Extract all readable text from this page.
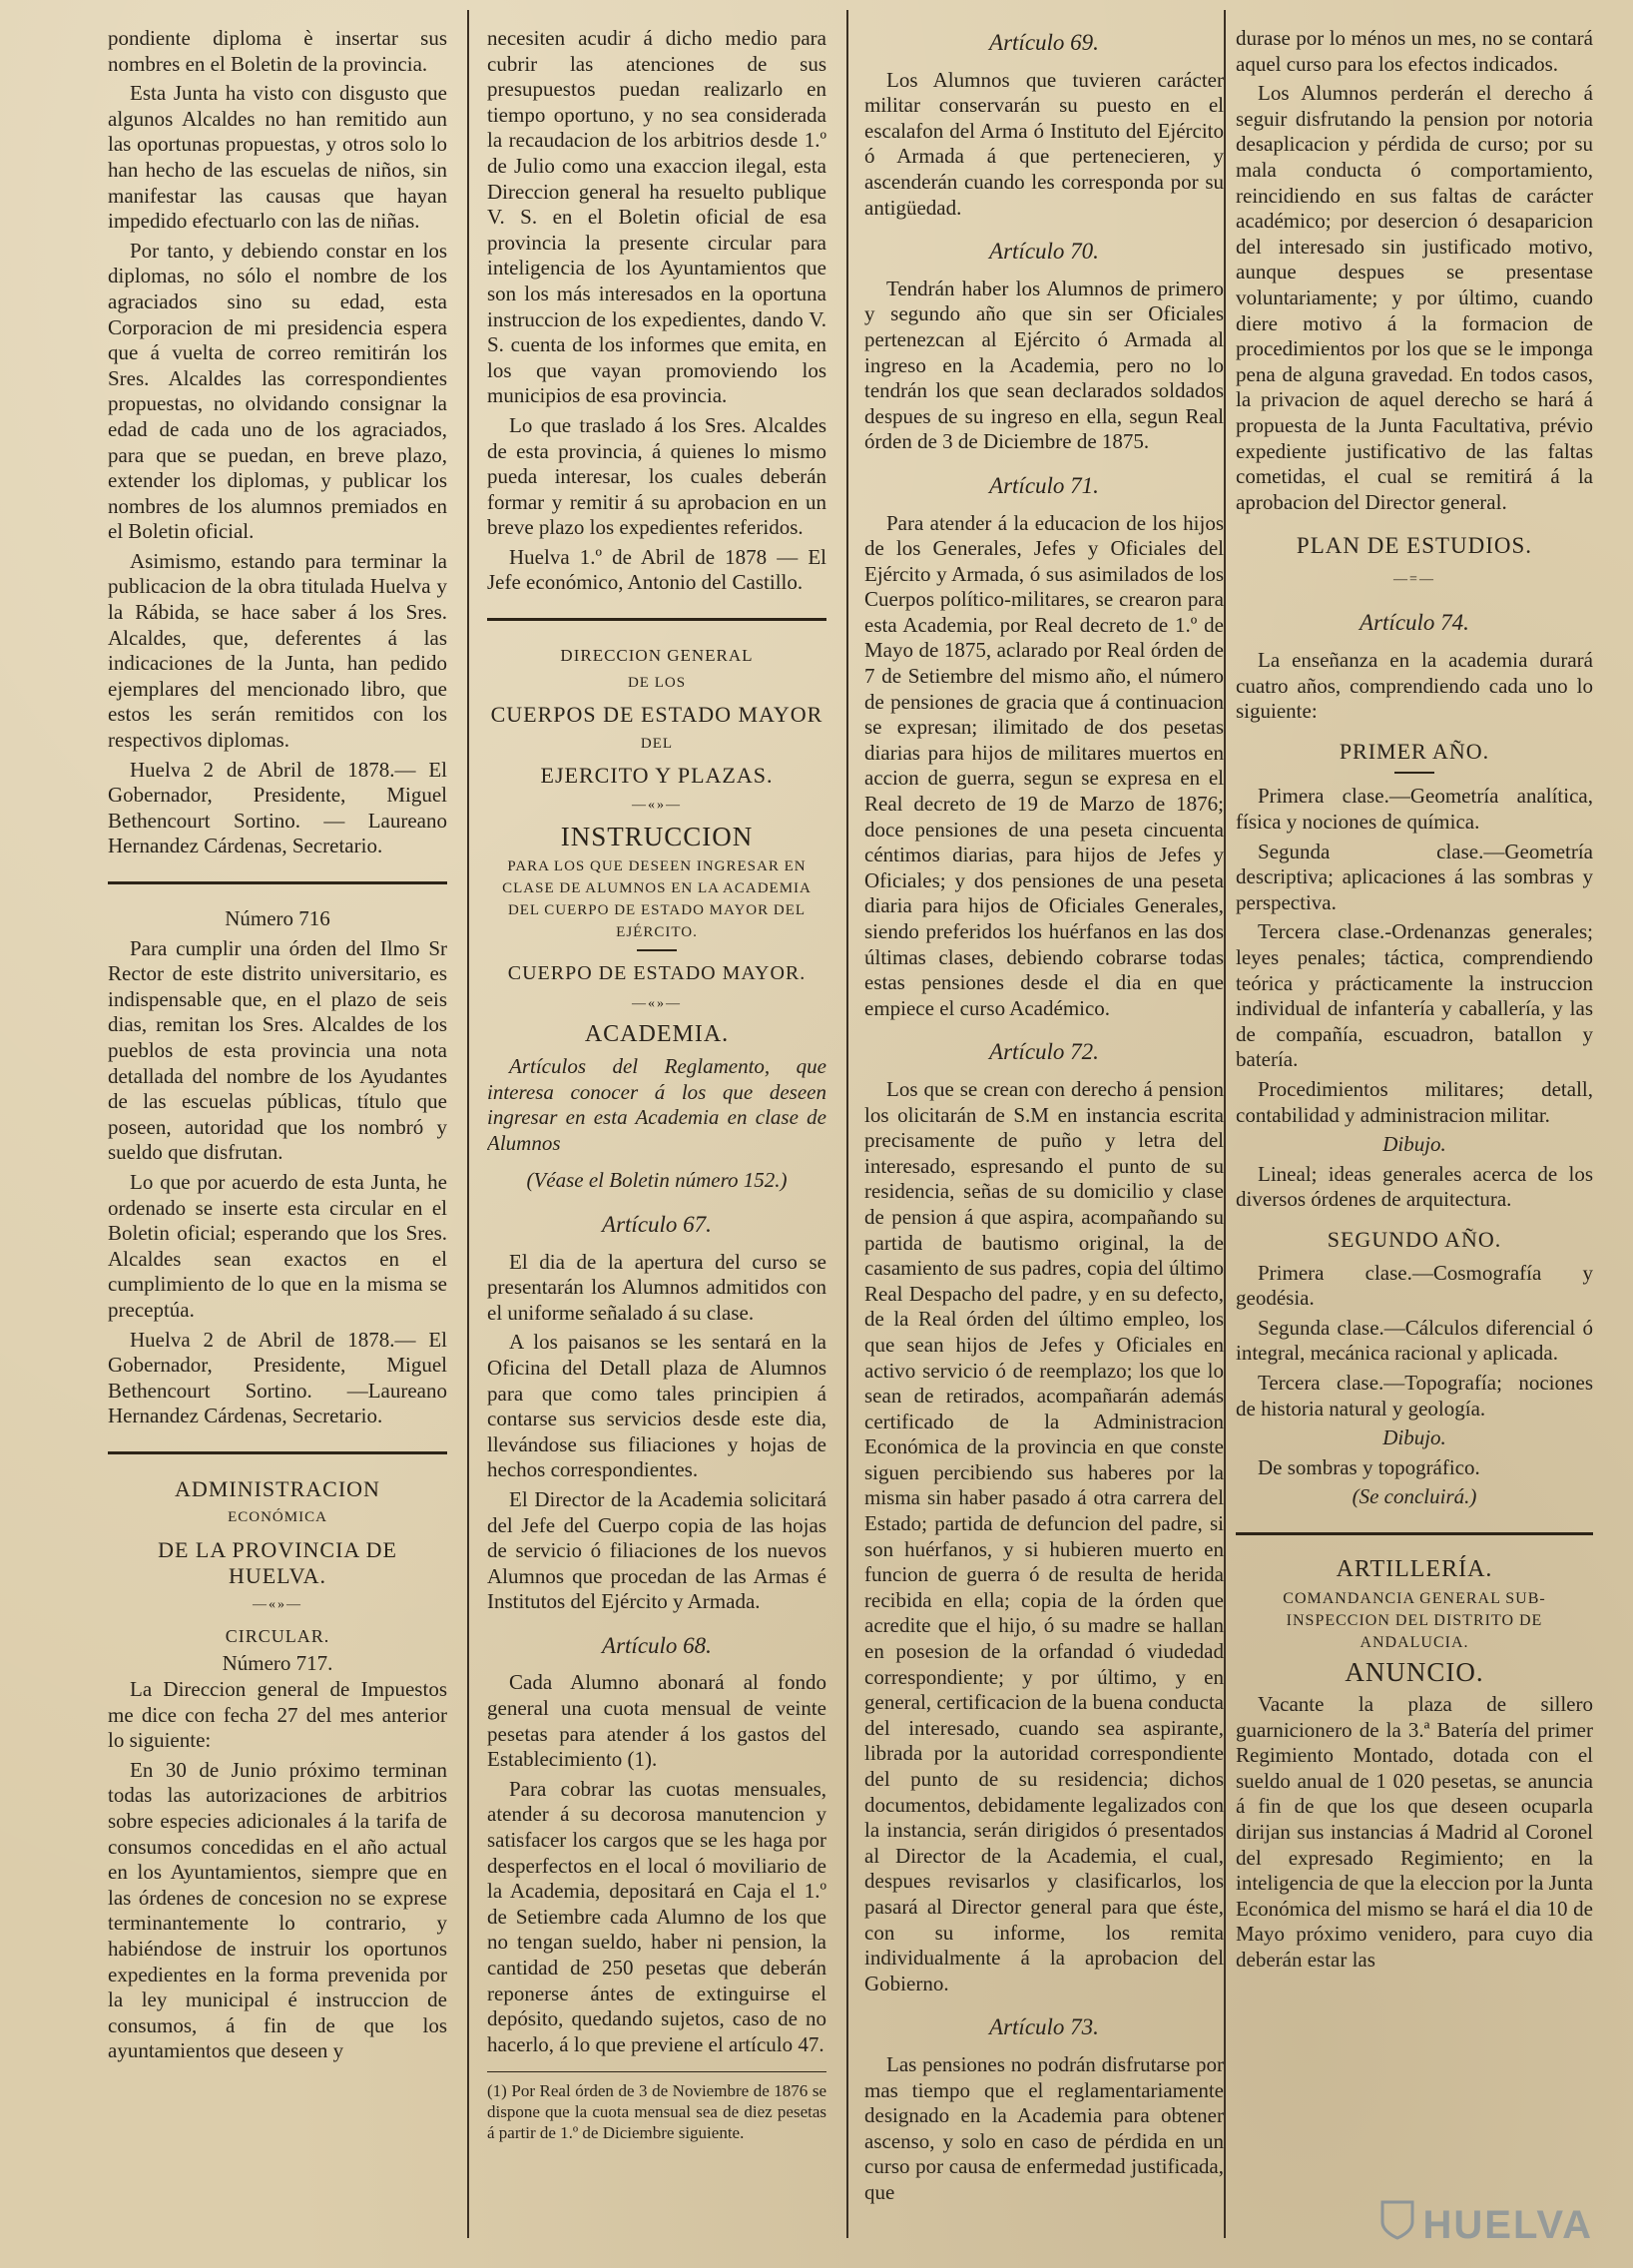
pondiente diploma è insertar sus nombres en el Boletin de la provincia.

Esta Junta ha visto con disgusto que algunos Alcaldes no han remitido aun las oportunas propuestas, y otros solo lo han hecho de las escuelas de niños, sin manifestar las causas que hayan impedido efectuarlo con las de niñas.

Por tanto, y debiendo constar en los diplomas, no sólo el nombre de los agraciados sino su edad, esta Corporacion de mi presidencia espera que á vuelta de correo remitirán los Sres. Alcaldes las correspondientes propuestas, no olvidando consignar la edad de cada uno de los agraciados, para que se puedan, en breve plazo, extender los diplomas, y publicar los nombres de los alumnos premiados en el Boletin oficial.

Asimismo, estando para terminar la publicacion de la obra titulada Huelva y la Rábida, se hace saber á los Sres. Alcaldes, que, deferentes á las indicaciones de la Junta, han pedido ejemplares del mencionado libro, que estos les serán remitidos con los respectivos diplomas.

Huelva 2 de Abril de 1878.— El Gobernador, Presidente, Miguel Bethencourt Sortino. — Laureano Hernandez Cárdenas, Secretario.

Número 716

Para cumplir una órden del Ilmo Sr Rector de este distrito universitario, es indispensable que, en el plazo de seis dias, remitan los Sres. Alcaldes de los pueblos de esta provincia una nota detallada del nombre de los Ayudantes de las escuelas públicas, título que poseen, autoridad que los nombró y sueldo que disfrutan.

Lo que por acuerdo de esta Junta, he ordenado se inserte esta circular en el Boletin oficial; esperando que los Sres. Alcaldes sean exactos en el cumplimiento de lo que en la misma se preceptúa.

Huelva 2 de Abril de 1878.— El Gobernador, Presidente, Miguel Bethencourt Sortino. —Laureano Hernandez Cárdenas, Secretario.

ADMINISTRACION
ECONÓMICA
DE LA PROVINCIA DE HUELVA.
—«»—
CIRCULAR.
Número 717.

La Direccion general de Impuestos me dice con fecha 27 del mes anterior lo siguiente:

En 30 de Junio próximo terminan todas las autorizaciones de arbitrios sobre especies adicionales á la tarifa de consumos concedidas en el año actual en los Ayuntamientos, siempre que en las órdenes de concesion no se exprese terminantemente lo contrario, y habiéndose de instruir los oportunos expedientes en la forma prevenida por la ley municipal é instruccion de consumos, á fin de que los ayuntamientos que deseen y

necesiten acudir á dicho medio para cubrir las atenciones de sus presupuestos puedan realizarlo en tiempo oportuno, y no sea considerada la recaudacion de los arbitrios desde 1.º de Julio como una exaccion ilegal, esta Direccion general ha resuelto publique V. S. en el Boletin oficial de esa provincia la presente circular para inteligencia de los Ayuntamientos que son los más interesados en la oportuna instruccion de los expedientes, dando V. S. cuenta de los informes que emita, en los que vayan promoviendo los municipios de esa provincia.

Lo que traslado á los Sres. Alcaldes de esta provincia, á quienes lo mismo pueda interesar, los cuales deberán formar y remitir á su aprobacion en un breve plazo los expedientes referidos.

Huelva 1.º de Abril de 1878 — El Jefe económico, Antonio del Castillo.

DIRECCION GENERAL
DE LOS
CUERPOS DE ESTADO MAYOR
DEL
EJERCITO Y PLAZAS.
—«»—
INSTRUCCION
PARA LOS QUE DESEEN INGRESAR EN CLASE DE ALUMNOS EN LA ACADEMIA DEL CUERPO DE ESTADO MAYOR DEL EJÉRCITO.
CUERPO DE ESTADO MAYOR.
—«»—
ACADEMIA.

Artículos del Reglamento, que interesa conocer á los que deseen ingresar en esta Academia en clase de Alumnos

(Véase el Boletin número 152.)

Artículo 67.

El dia de la apertura del curso se presentarán los Alumnos admitidos con el uniforme señalado á su clase.

A los paisanos se les sentará en la Oficina del Detall plaza de Alumnos para que como tales principien á contarse sus servicios desde este dia, llevándose sus filiaciones y hojas de hechos correspondientes.

El Director de la Academia solicitará del Jefe del Cuerpo copia de las hojas de servicio ó filiaciones de los nuevos Alumnos que procedan de las Armas é Institutos del Ejército y Armada.

Artículo 68.

Cada Alumno abonará al fondo general una cuota mensual de veinte pesetas para atender á los gastos del Establecimiento (1).

Para cobrar las cuotas mensuales, atender á su decorosa manutencion y satisfacer los cargos que se les haga por desperfectos en el local ó moviliario de la Academia, depositará en Caja el 1.º de Setiembre cada Alumno de los que no tengan sueldo, haber ni pension, la cantidad de 250 pesetas que deberán reponerse ántes de extinguirse el depósito, quedando sujetos, caso de no hacerlo, á lo que previene el artículo 47.

(1) Por Real órden de 3 de Noviembre de 1876 se dispone que la cuota mensual sea de diez pesetas á partir de 1.º de Diciembre siguiente.

Artículo 69.

Los Alumnos que tuvieren carácter militar conservarán su puesto en el escalafon del Arma ó Instituto del Ejército ó Armada á que pertenecieren, y ascenderán cuando les corresponda por su antigüedad.

Artículo 70.

Tendrán haber los Alumnos de primero y segundo año que sin ser Oficiales pertenezcan al Ejército ó Armada al ingreso en la Academia, pero no lo tendrán los que sean declarados soldados despues de su ingreso en ella, segun Real órden de 3 de Diciembre de 1875.

Artículo 71.

Para atender á la educacion de los hijos de los Generales, Jefes y Oficiales del Ejército y Armada, ó sus asimilados de los Cuerpos político-militares, se crearon para esta Academia, por Real decreto de 1.º de Mayo de 1875, aclarado por Real órden de 7 de Setiembre del mismo año, el número de pensiones de gracia que á continuacion se expresan; ilimitado de dos pesetas diarias para hijos de militares muertos en accion de guerra, segun se expresa en el Real decreto de 19 de Marzo de 1876; doce pensiones de una peseta cincuenta céntimos diarias, para hijos de Jefes y Oficiales; y dos pensiones de una peseta diaria para hijos de Oficiales Generales, siendo preferidos los huérfanos en las dos últimas clases, debiendo cobrarse todas estas pensiones desde el dia en que empiece el curso Académico.

Artículo 72.

Los que se crean con derecho á pension los olicitarán de S.M en instancia escrita precisamente de puño y letra del interesado, espresando el punto de su residencia, señas de su domicilio y clase de pension á que aspira, acompañando su partida de bautismo original, la de casamiento de sus padres, copia del último Real Despacho del padre, y en su defecto, de la Real órden del último empleo, los que sean hijos de Jefes y Oficiales en activo servicio ó de reemplazo; los que lo sean de retirados, acompañarán además certificado de la Administracion Económica de la provincia en que conste siguen percibiendo sus haberes por la misma sin haber pasado á otra carrera del Estado; partida de defuncion del padre, si son huérfanos, y si hubieren muerto en funcion de guerra ó de resulta de herida recibida en ella; copia de la órden que acredite que el hijo, ó su madre se hallan en posesion de la orfandad ó viudedad correspondiente; y por último, y en general, certificacion de la buena conducta del interesado, cuando sea aspirante, librada por la autoridad correspondiente del punto de su residencia; dichos documentos, debidamente legalizados con la instancia, serán dirigidos ó presentados al Director de la Academia, el cual, despues revisarlos y clasificarlos, los pasará al Director general para que éste, con su informe, los remita individualmente á la aprobacion del Gobierno.

Artículo 73.

Las pensiones no podrán disfrutarse por mas tiempo que el reglamentariamente designado en la Academia para obtener ascenso, y solo en caso de pérdida en un curso por causa de enfermedad justificada, que

durase por lo ménos un mes, no se contará aquel curso para los efectos indicados.

Los Alumnos perderán el derecho á seguir disfrutando la pension por notoria desaplicacion y pérdida de curso; por su mala conducta ó comportamiento, reincidiendo en sus faltas de carácter académico; por desercion ó desaparicion del interesado sin justificado motivo, aunque despues se presentase voluntariamente; y por último, cuando diere motivo á la formacion de procedimientos por los que se le imponga pena de alguna gravedad. En todos casos, la privacion de aquel derecho se hará á propuesta de la Junta Facultativa, prévio expediente justificativo de las faltas cometidas, el cual se remitirá á la aprobacion del Director general.

PLAN DE ESTUDIOS.
—=—
Artículo 74.

La enseñanza en la academia durará cuatro años, comprendiendo cada uno lo siguiente:

PRIMER AÑO.

Primera clase.—Geometría analítica, física y nociones de química.

Segunda clase.—Geometría descriptiva; aplicaciones á las sombras y perspectiva.

Tercera clase.-Ordenanzas generales; leyes penales; táctica, comprendiendo teórica y prácticamente la instruccion individual de infantería y caballería, y las de compañía, escuadron, batallon y batería.

Procedimientos militares; detall, contabilidad y administracion militar.

Dibujo.

Lineal; ideas generales acerca de los diversos órdenes de arquitectura.

SEGUNDO AÑO.

Primera clase.—Cosmografía y geodésia.

Segunda clase.—Cálculos diferencial ó integral, mecánica racional y aplicada.

Tercera clase.—Topografía; nociones de historia natural y geología.

Dibujo.

De sombras y topográfico.

(Se concluirá.)

ARTILLERÍA.
COMANDANCIA GENERAL SUB-INSPECCION DEL DISTRITO DE ANDALUCIA.
ANUNCIO.

Vacante la plaza de sillero guarnicionero de la 3.ª Batería del primer Regimiento Montado, dotada con el sueldo anual de 1 020 pesetas, se anuncia á fin de que los que deseen ocuparla dirijan sus instancias á Madrid al Coronel del expresado Regimiento; en la inteligencia de que la eleccion por la Junta Económica del mismo se hará el dia 10 de Mayo próximo venidero, para cuyo dia deberán estar las

HUELVA
